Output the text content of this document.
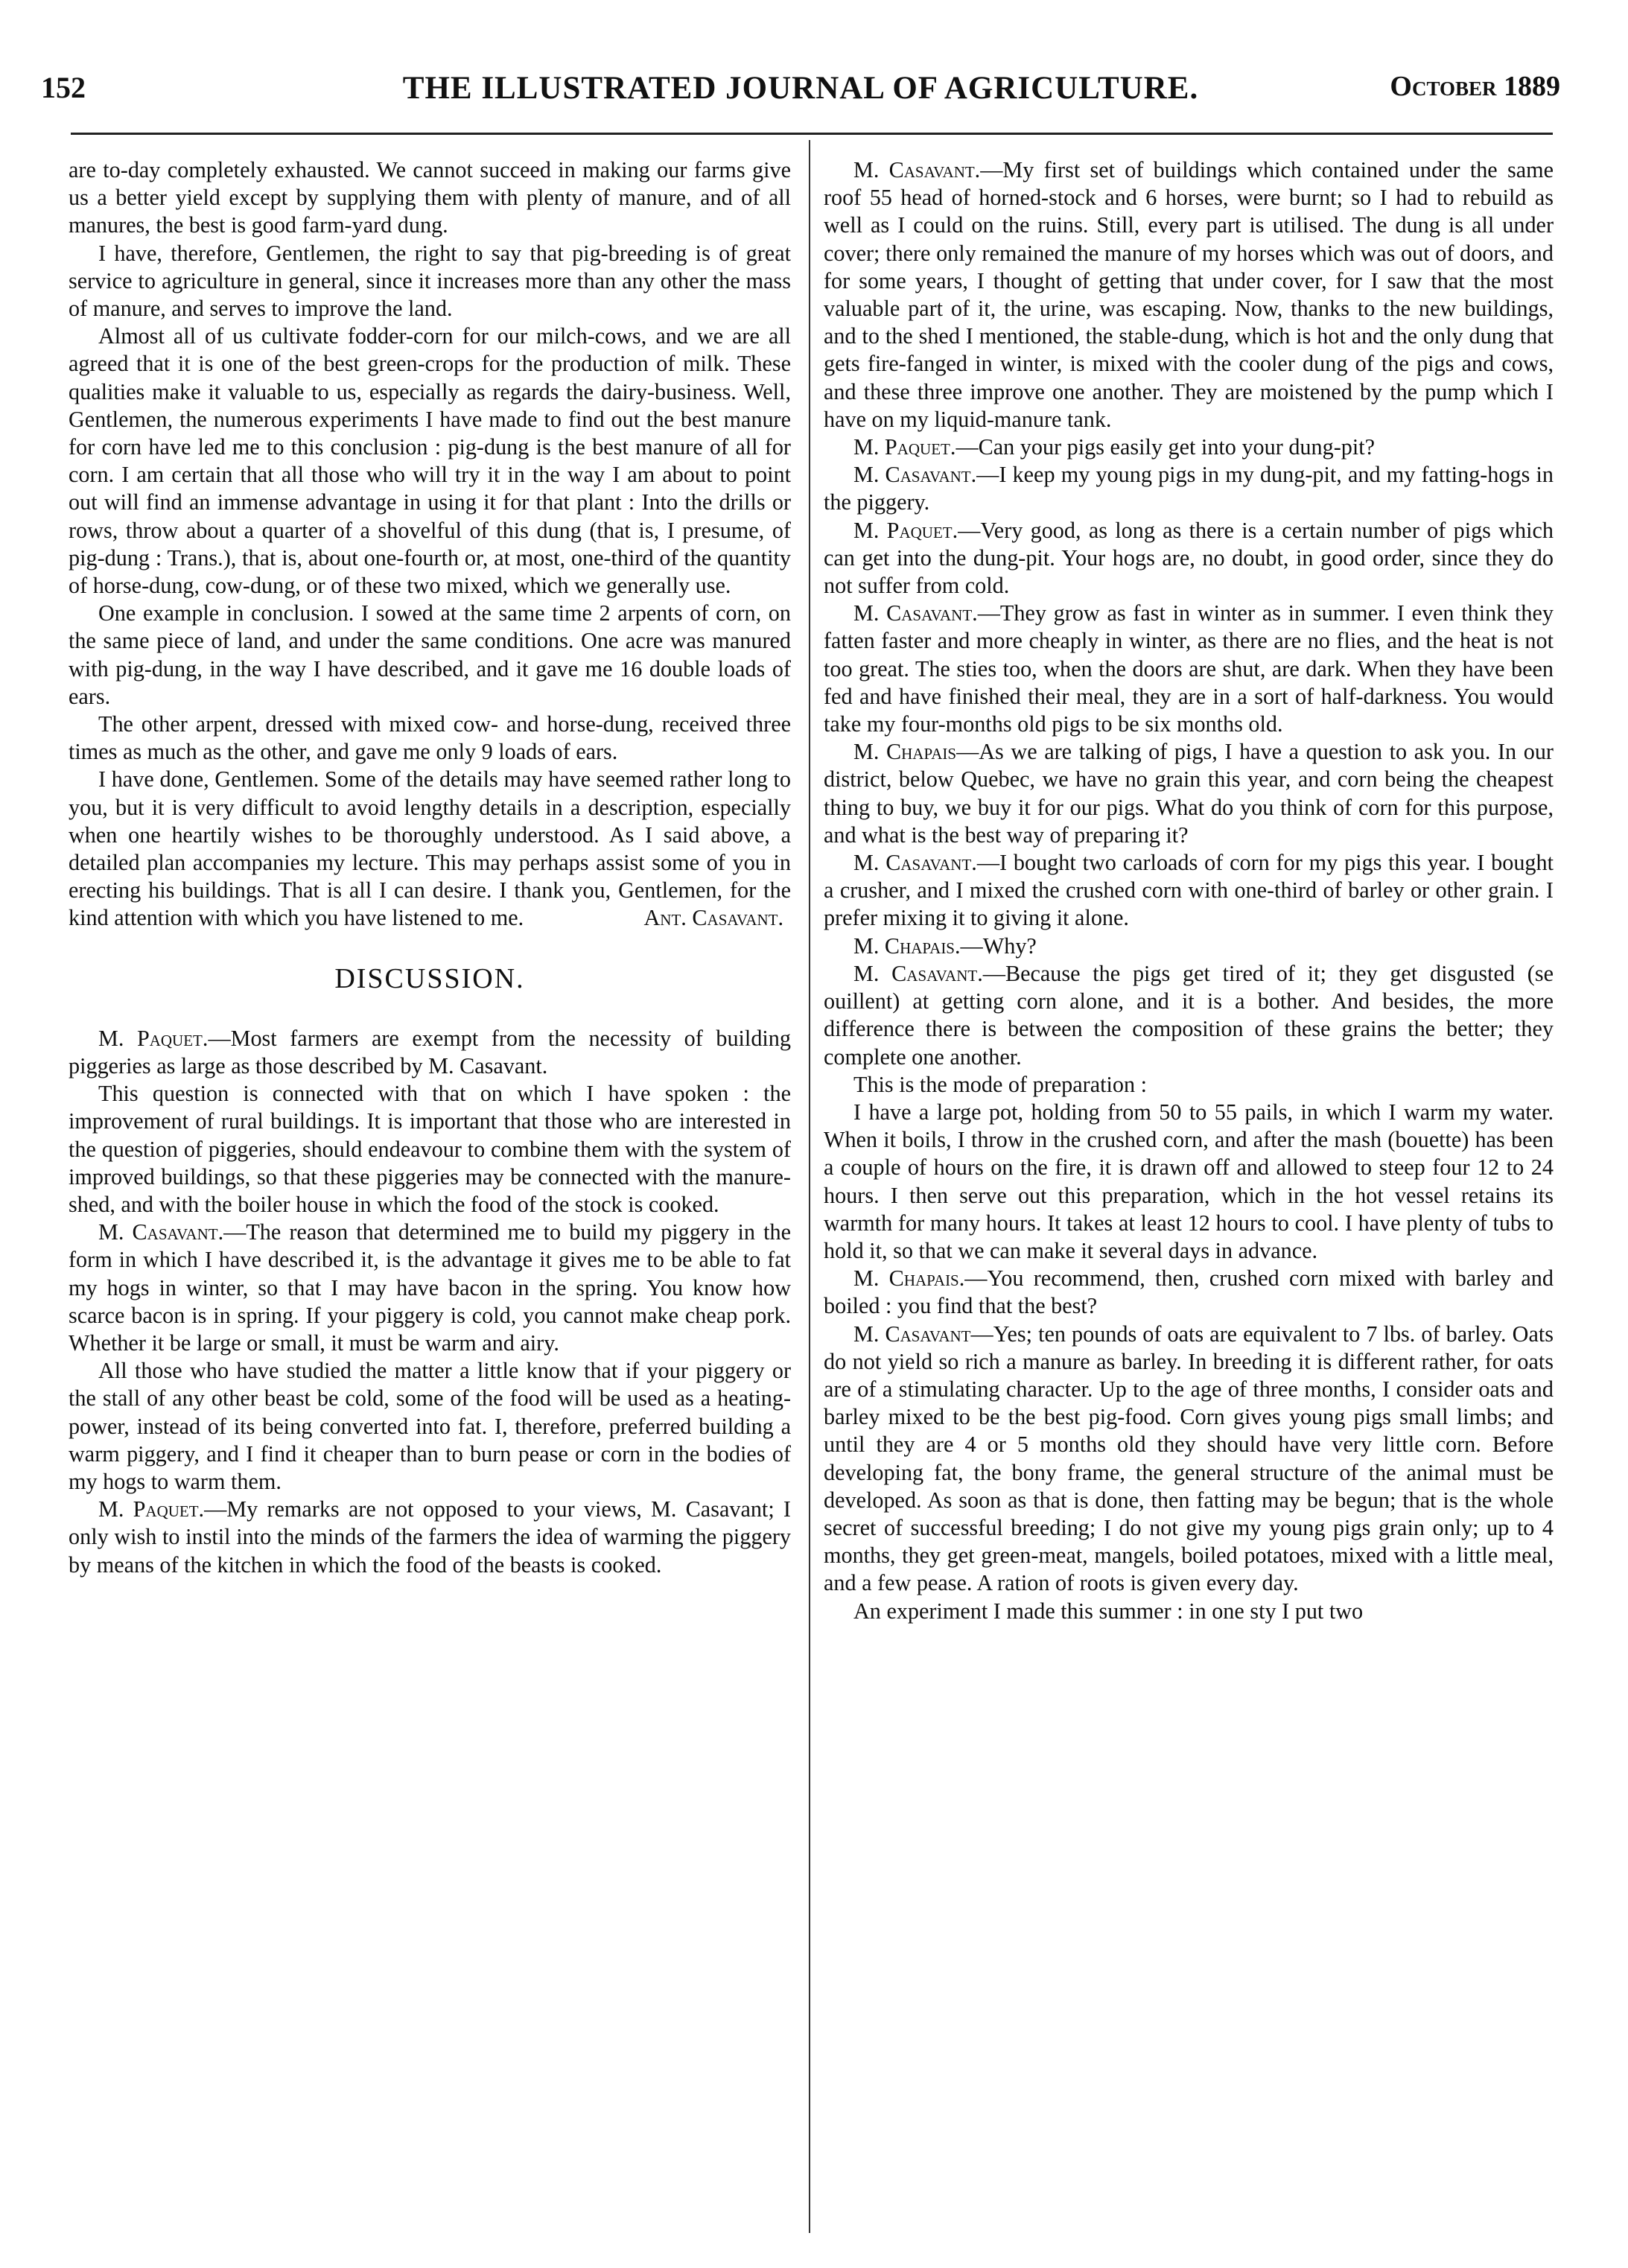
152	THE ILLUSTRATED JOURNAL OF AGRICULTURE.	October 1889

are to-day completely exhausted. We cannot succeed in making our farms give us a better yield except by supplying them with plenty of manure, and of all manures, the best is good farm-yard dung.

I have, therefore, Gentlemen, the right to say that pig-breeding is of great service to agriculture in general, since it increases more than any other the mass of manure, and serves to improve the land.

Almost all of us cultivate fodder-corn for our milch-cows, and we are all agreed that it is one of the best green-crops for the production of milk. These qualities make it valuable to us, especially as regards the dairy-business. Well, Gentlemen, the numerous experiments I have made to find out the best manure for corn have led me to this conclusion : pig-dung is the best manure of all for corn. I am certain that all those who will try it in the way I am about to point out will find an immense advantage in using it for that plant : Into the drills or rows, throw about a quarter of a shovelful of this dung (that is, I presume, of pig-dung : Trans.), that is, about one-fourth or, at most, one-third of the quantity of horse-dung, cow-dung, or of these two mixed, which we generally use.

One example in conclusion. I sowed at the same time 2 arpents of corn, on the same piece of land, and under the same conditions. One acre was manured with pig-dung, in the way I have described, and it gave me 16 double loads of ears.

The other arpent, dressed with mixed cow- and horse-dung, received three times as much as the other, and gave me only 9 loads of ears.

I have done, Gentlemen. Some of the details may have seemed rather long to you, but it is very difficult to avoid lengthy details in a description, especially when one heartily wishes to be thoroughly understood. As I said above, a detailed plan accompanies my lecture. This may perhaps assist some of you in erecting his buildings. That is all I can desire. I thank you, Gentlemen, for the kind attention with which you have listened to me.	Ant. Casavant.

DISCUSSION.

M. Paquet.—Most farmers are exempt from the necessity of building piggeries as large as those described by M. Casavant.

This question is connected with that on which I have spoken : the improvement of rural buildings. It is important that those who are interested in the question of piggeries, should endeavour to combine them with the system of improved buildings, so that these piggeries may be connected with the manure-shed, and with the boiler house in which the food of the stock is cooked.

M. Casavant.—The reason that determined me to build my piggery in the form in which I have described it, is the advantage it gives me to be able to fat my hogs in winter, so that I may have bacon in the spring. You know how scarce bacon is in spring. If your piggery is cold, you cannot make cheap pork. Whether it be large or small, it must be warm and airy.

All those who have studied the matter a little know that if your piggery or the stall of any other beast be cold, some of the food will be used as a heating-power, instead of its being converted into fat. I, therefore, preferred building a warm piggery, and I find it cheaper than to burn pease or corn in the bodies of my hogs to warm them.

M. Paquet.—My remarks are not opposed to your views, M. Casavant; I only wish to instil into the minds of the farmers the idea of warming the piggery by means of the kitchen in which the food of the beasts is cooked.

M. Casavant.—My first set of buildings which contained under the same roof 55 head of horned-stock and 6 horses, were burnt; so I had to rebuild as well as I could on the ruins. Still, every part is utilised. The dung is all under cover; there only remained the manure of my horses which was out of doors, and for some years, I thought of getting that under cover, for I saw that the most valuable part of it, the urine, was escaping. Now, thanks to the new buildings, and to the shed I mentioned, the stable-dung, which is hot and the only dung that gets fire-fanged in winter, is mixed with the cooler dung of the pigs and cows, and these three improve one another. They are moistened by the pump which I have on my liquid-manure tank.

M. Paquet.—Can your pigs easily get into your dung-pit?

M. Casavant.—I keep my young pigs in my dung-pit, and my fatting-hogs in the piggery.

M. Paquet.—Very good, as long as there is a certain number of pigs which can get into the dung-pit. Your hogs are, no doubt, in good order, since they do not suffer from cold.

M. Casavant.—They grow as fast in winter as in summer. I even think they fatten faster and more cheaply in winter, as there are no flies, and the heat is not too great. The sties too, when the doors are shut, are dark. When they have been fed and have finished their meal, they are in a sort of half-darkness. You would take my four-months old pigs to be six months old.

M. Chapais—As we are talking of pigs, I have a question to ask you. In our district, below Quebec, we have no grain this year, and corn being the cheapest thing to buy, we buy it for our pigs. What do you think of corn for this purpose, and what is the best way of preparing it?

M. Casavant.—I bought two carloads of corn for my pigs this year. I bought a crusher, and I mixed the crushed corn with one-third of barley or other grain. I prefer mixing it to giving it alone.

M. Chapais.—Why?

M. Casavant.—Because the pigs get tired of it; they get disgusted (se ouillent) at getting corn alone, and it is a bother. And besides, the more difference there is between the composition of these grains the better; they complete one another.

This is the mode of preparation :

I have a large pot, holding from 50 to 55 pails, in which I warm my water. When it boils, I throw in the crushed corn, and after the mash (bouette) has been a couple of hours on the fire, it is drawn off and allowed to steep four 12 to 24 hours. I then serve out this preparation, which in the hot vessel retains its warmth for many hours. It takes at least 12 hours to cool. I have plenty of tubs to hold it, so that we can make it several days in advance.

M. Chapais.—You recommend, then, crushed corn mixed with barley and boiled : you find that the best?

M. Casavant—Yes; ten pounds of oats are equivalent to 7 lbs. of barley. Oats do not yield so rich a manure as barley. In breeding it is different rather, for oats are of a stimulating character. Up to the age of three months, I consider oats and barley mixed to be the best pig-food. Corn gives young pigs small limbs; and until they are 4 or 5 months old they should have very little corn. Before developing fat, the bony frame, the general structure of the animal must be developed. As soon as that is done, then fatting may be begun; that is the whole secret of successful breeding; I do not give my young pigs grain only; up to 4 months, they get green-meat, mangels, boiled potatoes, mixed with a little meal, and a few pease. A ration of roots is given every day.

An experiment I made this summer : in one sty I put two
